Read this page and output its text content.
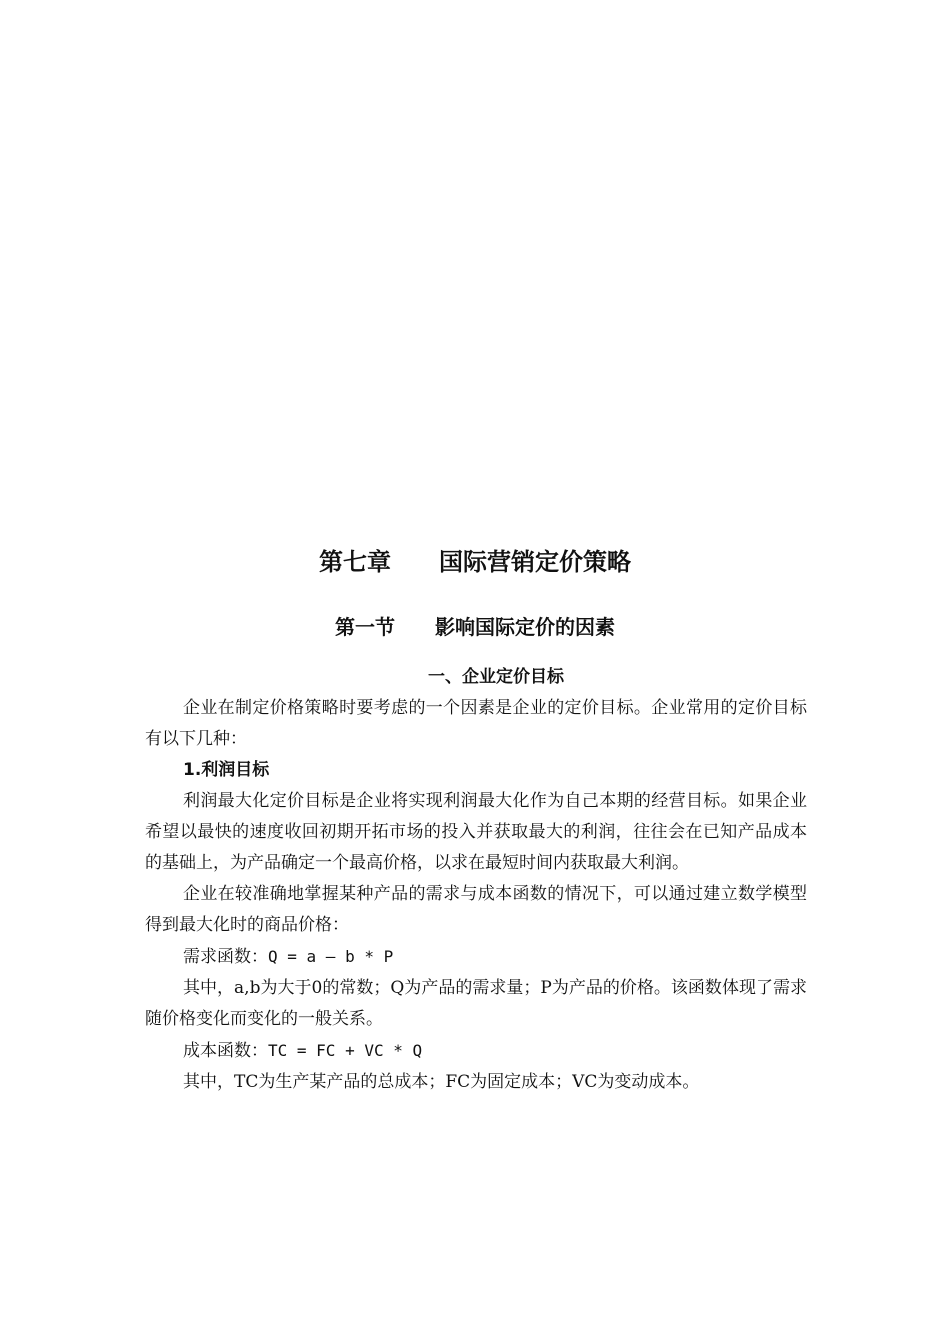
第七章　　国际营销定价策略
第一节　　影响国际定价的因素

一、企业定价目标

企业在制定价格策略时要考虑的一个因素是企业的定价目标。企业常用的定价目标有以下几种：

1.利润目标

利润最大化定价目标是企业将实现利润最大化作为自己本期的经营目标。如果企业希望以最快的速度收回初期开拓市场的投入并获取最大的利润，往往会在已知产品成本的基础上，为产品确定一个最高价格，以求在最短时间内获取最大利润。

企业在较准确地掌握某种产品的需求与成本函数的情况下，可以通过建立数学模型得到最大化时的商品价格：

需求函数：Q = a – b * P

其中，a,b为大于0的常数；Q为产品的需求量；P为产品的价格。该函数体现了需求随价格变化而变化的一般关系。

成本函数：TC = FC + VC * Q

其中，TC为生产某产品的总成本；FC为固定成本；VC为变动成本。
